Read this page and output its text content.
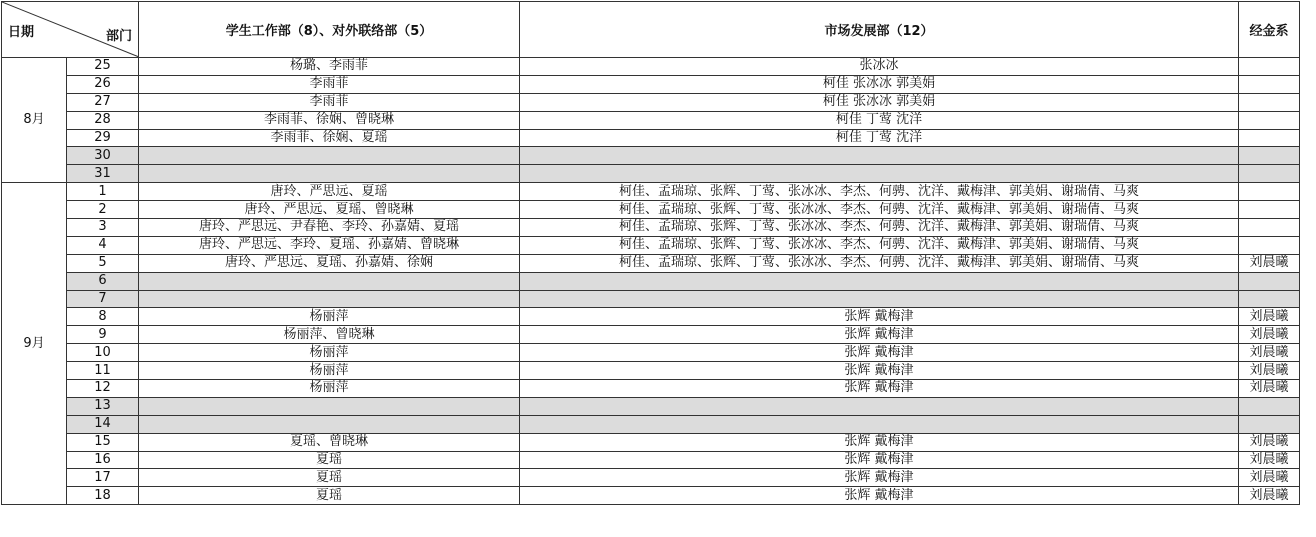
日期 部门		学生工作部（8）、对外联络部（5）	市场发展部（12）	经金系
8月	25	杨璐、李雨菲	张冰冰	
	26	李雨菲	柯佳 张冰冰 郭美娟	
	27	李雨菲	柯佳 张冰冰 郭美娟	
	28	李雨菲、徐娴、曾晓琳	柯佳 丁莺 沈洋	
	29	李雨菲、徐娴、夏瑶	柯佳 丁莺 沈洋	
	30			
	31			
9月	1	唐玲、严思远、夏瑶	柯佳、孟瑞琼、张辉、丁莺、张冰冰、李杰、何骋、沈洋、戴梅津、郭美娟、谢瑞倩、马爽	
	2	唐玲、严思远、夏瑶、曾晓琳	柯佳、孟瑞琼、张辉、丁莺、张冰冰、李杰、何骋、沈洋、戴梅津、郭美娟、谢瑞倩、马爽	
	3	唐玲、严思远、尹春艳、李玲、孙嘉婧、夏瑶	柯佳、孟瑞琼、张辉、丁莺、张冰冰、李杰、何骋、沈洋、戴梅津、郭美娟、谢瑞倩、马爽	
	4	唐玲、严思远、李玲、夏瑶、孙嘉婧、曾晓琳	柯佳、孟瑞琼、张辉、丁莺、张冰冰、李杰、何骋、沈洋、戴梅津、郭美娟、谢瑞倩、马爽	
	5	唐玲、严思远、夏瑶、孙嘉婧、徐娴	柯佳、孟瑞琼、张辉、丁莺、张冰冰、李杰、何骋、沈洋、戴梅津、郭美娟、谢瑞倩、马爽	刘晨曦
	6			
	7			
	8	杨丽萍	张辉 戴梅津	刘晨曦
	9	杨丽萍、曾晓琳	张辉 戴梅津	刘晨曦
	10	杨丽萍	张辉 戴梅津	刘晨曦
	11	杨丽萍	张辉 戴梅津	刘晨曦
	12	杨丽萍	张辉 戴梅津	刘晨曦
	13			
	14			
	15	夏瑶、曾晓琳	张辉 戴梅津	刘晨曦
	16	夏瑶	张辉 戴梅津	刘晨曦
	17	夏瑶	张辉 戴梅津	刘晨曦
	18	夏瑶	张辉 戴梅津	刘晨曦
